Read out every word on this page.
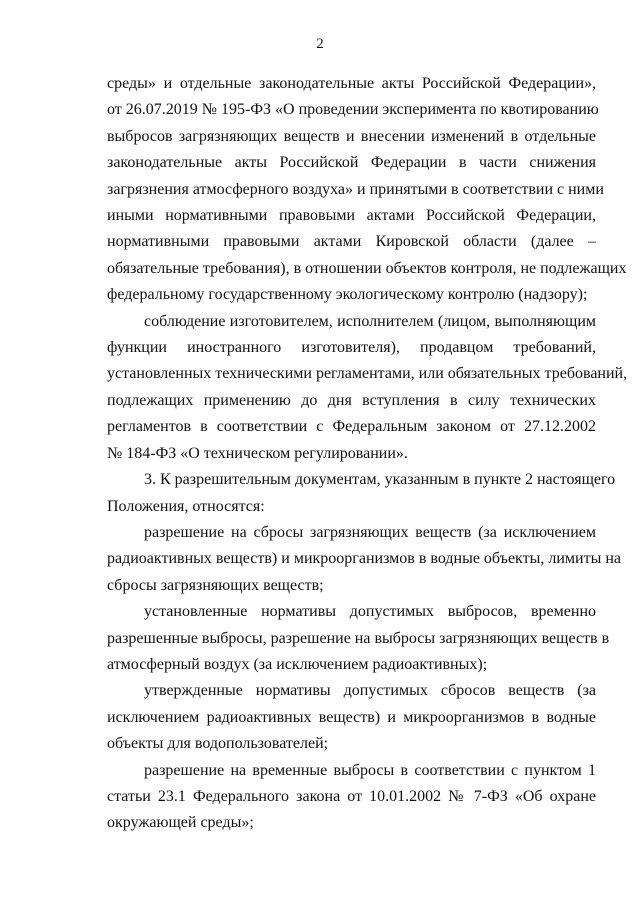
2
среды» и отдельные законодательные акты Российской Федерации»,
от 26.07.2019 № 195-ФЗ «О проведении эксперимента по квотированию
выбросов загрязняющих веществ и внесении изменений в отдельные
законодательные акты Российской Федерации в части снижения
загрязнения атмосферного воздуха» и принятыми в соответствии с ними
иными нормативными правовыми актами Российской Федерации,
нормативными правовыми актами Кировской области (далее –
обязательные требования), в отношении объектов контроля, не подлежащих
федеральному государственному экологическому контролю (надзору);
соблюдение изготовителем, исполнителем (лицом, выполняющим
функции иностранного изготовителя), продавцом требований,
установленных техническими регламентами, или обязательных требований,
подлежащих применению до дня вступления в силу технических
регламентов в соответствии с Федеральным законом от 27.12.2002
№ 184-ФЗ «О техническом регулировании».
3. К разрешительным документам, указанным в пункте 2 настоящего
Положения, относятся:
разрешение на сбросы загрязняющих веществ (за исключением
радиоактивных веществ) и микроорганизмов в водные объекты, лимиты на
сбросы загрязняющих веществ;
установленные нормативы допустимых выбросов, временно
разрешенные выбросы, разрешение на выбросы загрязняющих веществ в
атмосферный воздух (за исключением радиоактивных);
утвержденные нормативы допустимых сбросов веществ (за
исключением радиоактивных веществ) и микроорганизмов в водные
объекты для водопользователей;
разрешение на временные выбросы в соответствии с пунктом 1
статьи 23.1 Федерального закона от 10.01.2002 № 7-ФЗ «Об охране
окружающей среды»;
